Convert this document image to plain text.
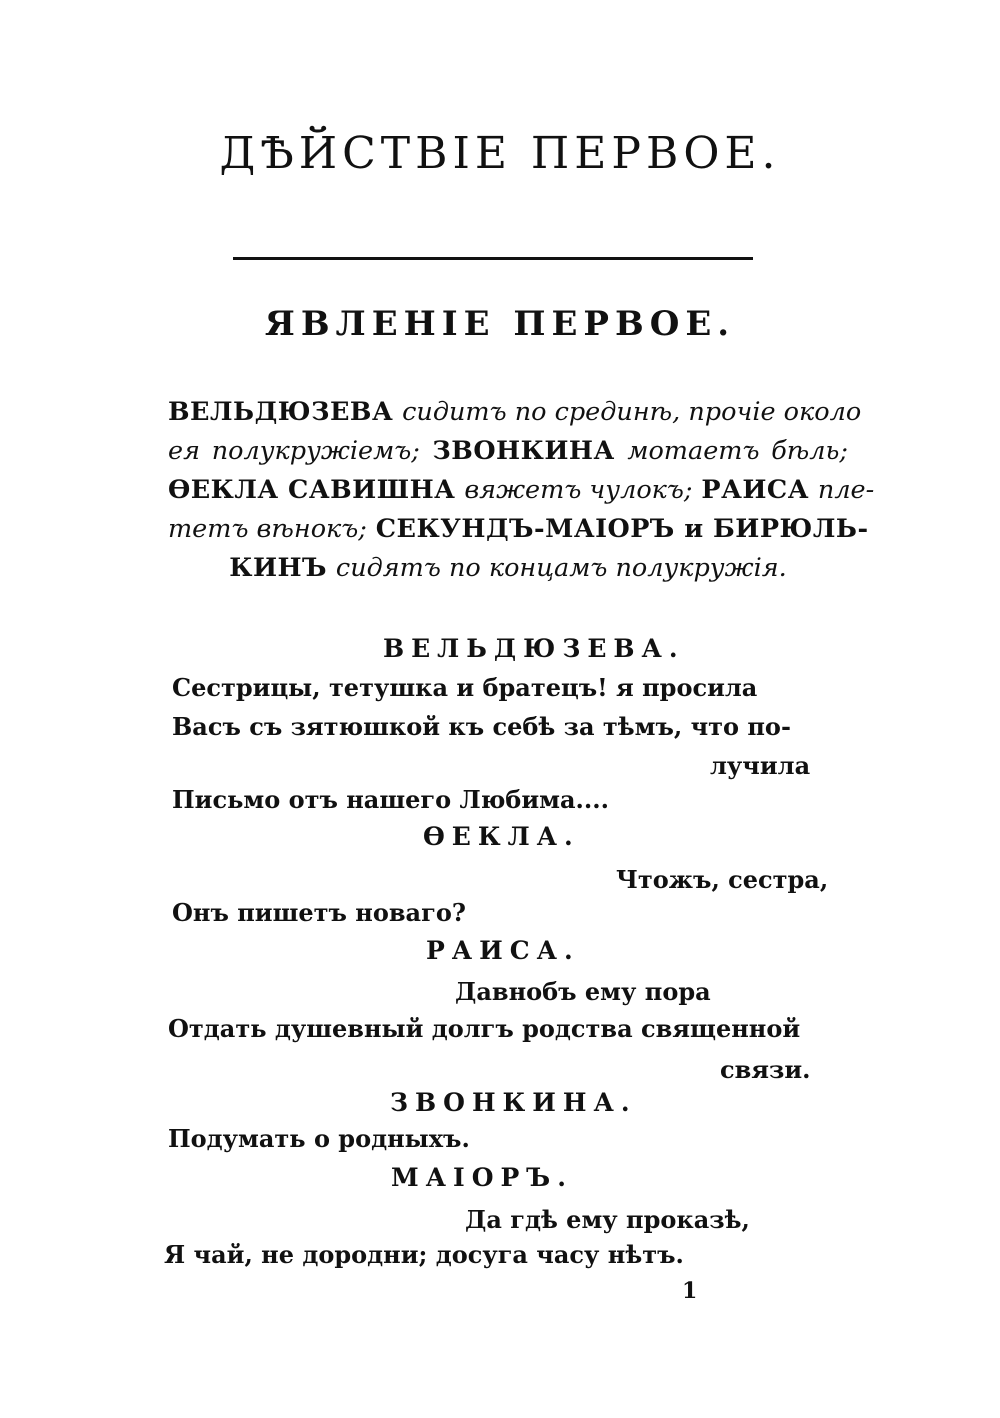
ДѢЙСТВІЕ ПЕРВОЕ.
ЯВЛЕНІЕ ПЕРВОЕ.
ВЕЛЬДЮЗЕВА сидитъ по срединѣ, прочіе около
ея полукружіемъ; ЗВОНКИНА мотаетъ бѣль;
ѲЕКЛА САВИШНА вяжетъ чулокъ; РАИСА пле-
тетъ вѣнокъ; СЕКУНДЪ-МАІОРЪ и БИРЮЛЬ-
КИНЪ сидятъ по концамъ полукружія.
ВЕЛЬДЮЗЕВА.
Сестрицы, тетушка и братецъ! я просила
Васъ съ зятюшкой къ себѣ за тѣмъ, что по-
лучила
Письмо отъ нашего Любима....
ѲЕКЛА.
Чтожъ, сестра,
Онъ пишетъ новаго?
РАИСА.
Давнобъ ему пора
Отдать душевный долгъ родства священной
связи.
ЗВОНКИНА.
Подумать о родныхъ.
МАІОРЪ.
Да гдѣ ему проказѣ,
Я чай, не дородни; досуга часу нѣтъ.
1
